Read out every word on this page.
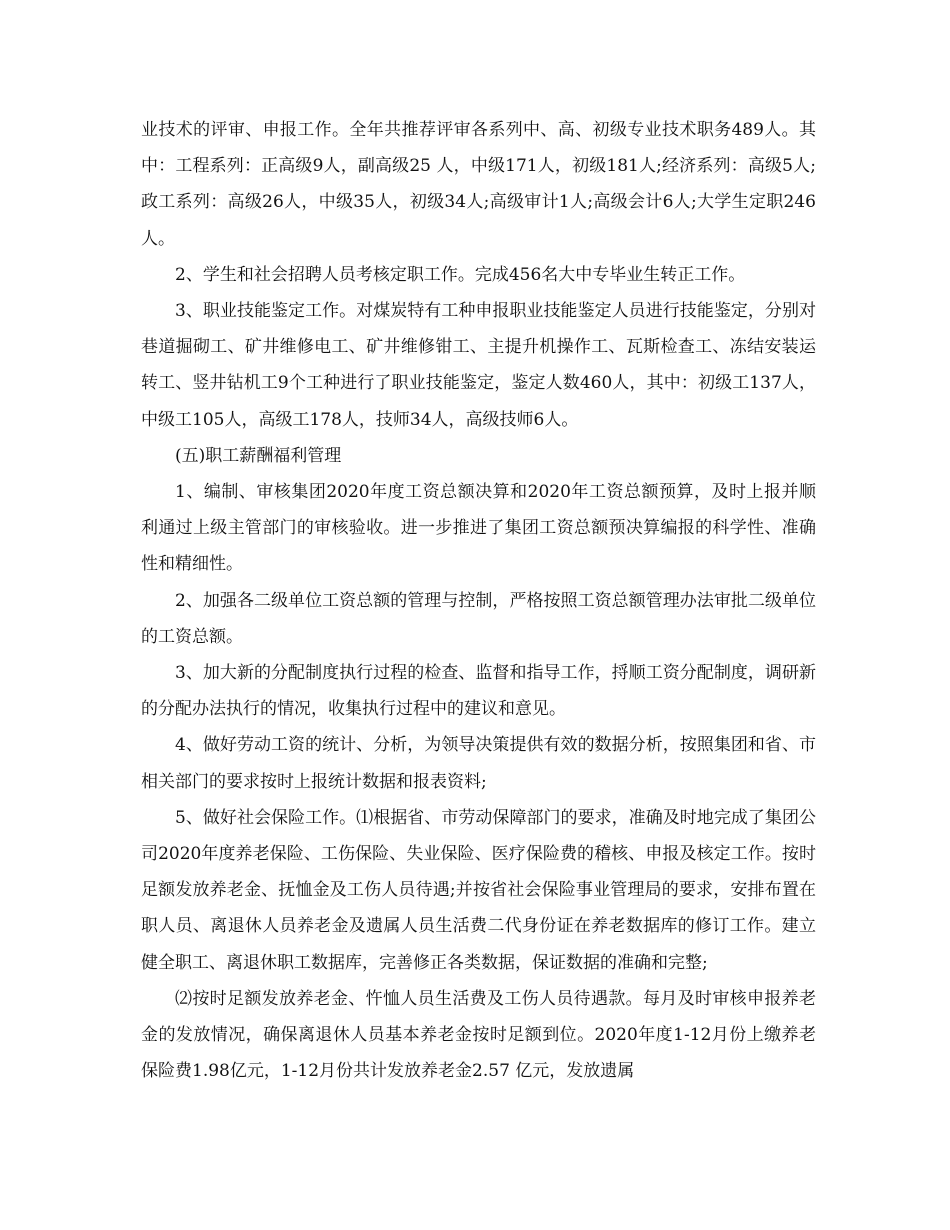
业技术的评审、申报工作。全年共推荐评审各系列中、高、初级专业技术职务489人。其中：工程系列：正高级9人，副高级25 人，中级171人，初级181人;经济系列：高级5人;政工系列：高级26人，中级35人，初级34人;高级审计1人;高级会计6人;大学生定职246人。

2、学生和社会招聘人员考核定职工作。完成456名大中专毕业生转正工作。

3、职业技能鉴定工作。对煤炭特有工种申报职业技能鉴定人员进行技能鉴定，分别对巷道掘砌工、矿井维修电工、矿井维修钳工、主提升机操作工、瓦斯检查工、冻结安装运转工、竖井钻机工9个工种进行了职业技能鉴定，鉴定人数460人，其中：初级工137人，中级工105人，高级工178人，技师34人，高级技师6人。

(五)职工薪酬福利管理

1、编制、审核集团2020年度工资总额决算和2020年工资总额预算，及时上报并顺利通过上级主管部门的审核验收。进一步推进了集团工资总额预决算编报的科学性、准确性和精细性。

2、加强各二级单位工资总额的管理与控制，严格按照工资总额管理办法审批二级单位的工资总额。

3、加大新的分配制度执行过程的检查、监督和指导工作，捋顺工资分配制度，调研新的分配办法执行的情况，收集执行过程中的建议和意见。

4、做好劳动工资的统计、分析，为领导决策提供有效的数据分析，按照集团和省、市相关部门的要求按时上报统计数据和报表资料;

5、做好社会保险工作。⑴根据省、市劳动保障部门的要求，准确及时地完成了集团公司2020年度养老保险、工伤保险、失业保险、医疗保险费的稽核、申报及核定工作。按时足额发放养老金、抚恤金及工伤人员待遇;并按省社会保险事业管理局的要求，安排布置在职人员、离退休人员养老金及遗属人员生活费二代身份证在养老数据库的修订工作。建立健全职工、离退休职工数据库，完善修正各类数据，保证数据的准确和完整;

⑵按时足额发放养老金、忤恤人员生活费及工伤人员待遇款。每月及时审核申报养老金的发放情况，确保离退休人员基本养老金按时足额到位。2020年度1-12月份上缴养老保险费1.98亿元，1-12月份共计发放养老金2.57 亿元，发放遗属
